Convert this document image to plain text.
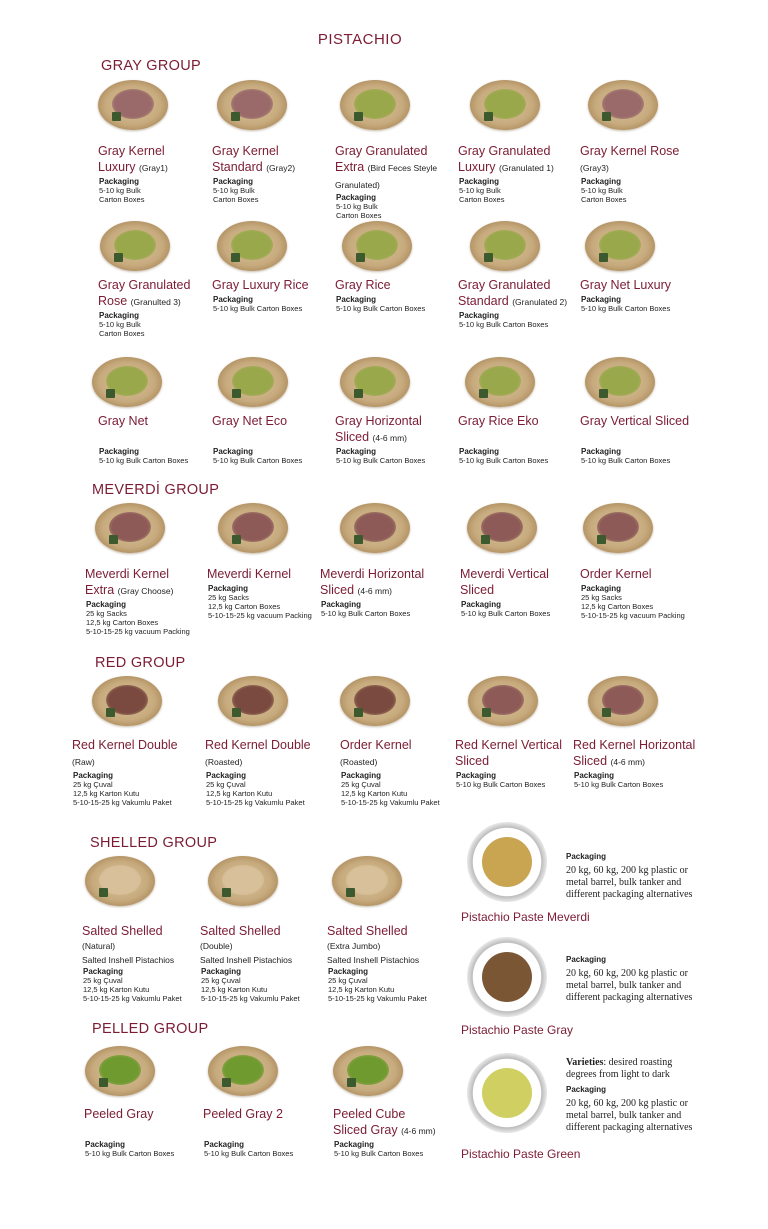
PISTACHIO
GRAY GROUP
MEVERDİ GROUP
RED GROUP
SHELLED GROUP
PELLED GROUP
Gray Kernel
Luxury (Gray1)
Packaging
5-10 kg Bulk
Carton Boxes
Gray Kernel
Standard (Gray2)
Packaging
5-10 kg Bulk
Carton Boxes
Gray Granulated
Extra (Bird Feces Steyle Granulated)
Packaging
5-10 kg Bulk
Carton Boxes
Gray Granulated
Luxury (Granulated 1)
Packaging
5-10 kg Bulk
Carton Boxes
Gray Kernel Rose (Gray3)
Packaging
5-10 kg Bulk
Carton Boxes
Gray Granulated
Rose (Granulted 3)
Packaging
5-10 kg Bulk
Carton Boxes
Gray Luxury Rice
Packaging
5-10 kg Bulk Carton Boxes
Gray Rice
Packaging
5-10 kg Bulk Carton Boxes
Gray Granulated
Standard (Granulated 2)
Packaging
5-10 kg Bulk Carton Boxes
Gray Net Luxury
Packaging
5-10 kg Bulk Carton Boxes
Gray Net
Packaging
5-10 kg Bulk Carton Boxes
Gray Net Eco
Packaging
5-10 kg Bulk Carton Boxes
Gray Horizontal
Sliced (4-6 mm)
Packaging
5-10 kg Bulk Carton Boxes
Gray Rice Eko
Packaging
5-10 kg Bulk Carton Boxes
Gray Vertical Sliced
Packaging
5-10 kg Bulk Carton Boxes
Meverdi Kernel
Extra (Gray Choose)
Packaging
25 kg Sacks
12,5 kg Carton Boxes
5-10-15-25 kg vacuum Packing
Meverdi Kernel
Packaging
25 kg Sacks
12,5 kg Carton Boxes
5-10-15-25 kg vacuum Packing
Meverdi Horizontal
Sliced (4-6 mm)
Packaging
5-10 kg Bulk Carton Boxes
Meverdi Vertical
Sliced
Packaging
5-10 kg Bulk Carton Boxes
Order Kernel
Packaging
25 kg Sacks
12,5 kg Carton Boxes
5-10-15-25 kg vacuum Packing
Red Kernel Double
(Raw)
Packaging
25 kg Çuval
12,5 kg Karton Kutu
5-10-15-25 kg Vakumlu Paket
Red Kernel Double
(Roasted)
Packaging
25 kg Çuval
12,5 kg Karton Kutu
5-10-15-25 kg Vakumlu Paket
Order Kernel
(Roasted)
Packaging
25 kg Çuval
12,5 kg Karton Kutu
5-10-15-25 kg Vakumlu Paket
Red Kernel Vertical
Sliced
Packaging
5-10 kg Bulk Carton Boxes
Red Kernel Horizontal
Sliced (4-6 mm)
Packaging
5-10 kg Bulk Carton Boxes
Salted Shelled
(Natural)
Salted Inshell Pistachios
Packaging
25 kg Çuval
12,5 kg Karton Kutu
5-10-15-25 kg Vakumlu Paket
Salted Shelled
(Double)
Salted Inshell Pistachios
Packaging
25 kg Çuval
12,5 kg Karton Kutu
5-10-15-25 kg Vakumlu Paket
Salted Shelled
(Extra Jumbo)
Salted Inshell Pistachios
Packaging
25 kg Çuval
12,5 kg Karton Kutu
5-10-15-25 kg Vakumlu Paket
Peeled Gray
Packaging
5-10 kg Bulk Carton Boxes
Peeled Gray 2
Packaging
5-10 kg Bulk Carton Boxes
Peeled Cube
Sliced Gray (4-6 mm)
Packaging
5-10 kg Bulk Carton Boxes
Pistachio Paste Meverdi
Packaging
20 kg, 60 kg, 200 kg plastic or metal barrel, bulk tanker and different packaging alternatives
Pistachio Paste Gray
Packaging
20 kg, 60 kg, 200 kg plastic or metal barrel, bulk tanker and different packaging alternatives
Pistachio Paste Green
Varieties: desired roasting degrees from light to dark

Packaging
20 kg, 60 kg, 200 kg plastic or metal barrel, bulk tanker and different packaging alternatives
